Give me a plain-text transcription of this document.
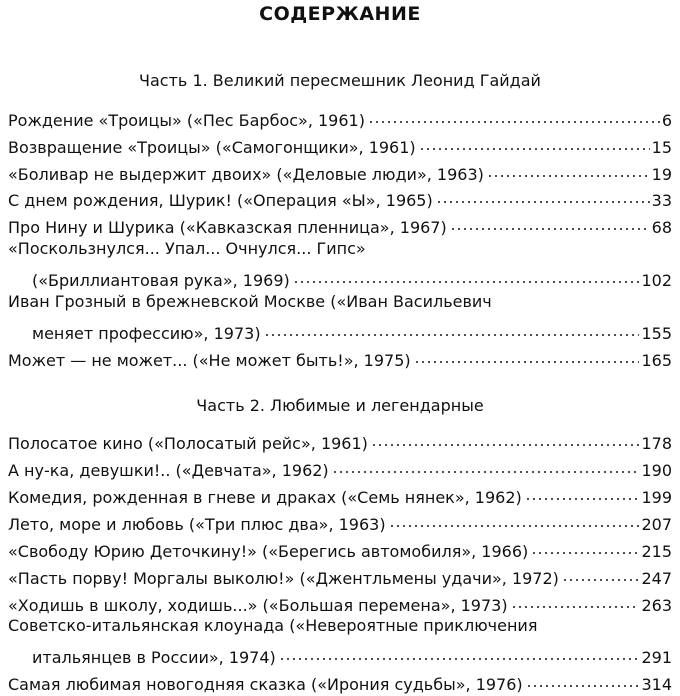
СОДЕРЖАНИЕ
Часть 1. Великий пересмешник Леонид Гайдай
Рождение «Троицы» («Пес Барбос», 1961)	6
Возвращение «Троицы» («Самогонщики», 1961)	15
«Боливар не выдержит двоих» («Деловые люди», 1963)	19
С днем рождения, Шурик! («Операция «Ы», 1965)	33
Про Нину и Шурика («Кавказская пленница», 1967)	68
«Поскользнулся... Упал... Очнулся... Гипс»
(«Бриллиантовая рука», 1969)	102
Иван Грозный в брежневской Москве («Иван Васильевич
меняет профессию», 1973)	155
Может — не может... («Не может быть!», 1975)	165
Часть 2. Любимые и легендарные
Полосатое кино («Полосатый рейс», 1961)	178
А ну-ка, девушки!.. («Девчата», 1962)	190
Комедия, рожденная в гневе и драках («Семь нянек», 1962)	199
Лето, море и любовь («Три плюс два», 1963)	207
«Свободу Юрию Деточкину!» («Берегись автомобиля», 1966)	215
«Пасть порву! Моргалы выколю!» («Джентльмены удачи», 1972)	247
«Ходишь в школу, ходишь...» («Большая перемена», 1973)	263
Советско-итальянская клоунада («Невероятные приключения
итальянцев в России», 1974)	291
Самая любимая новогодняя сказка («Ирония судьбы», 1976)	314
